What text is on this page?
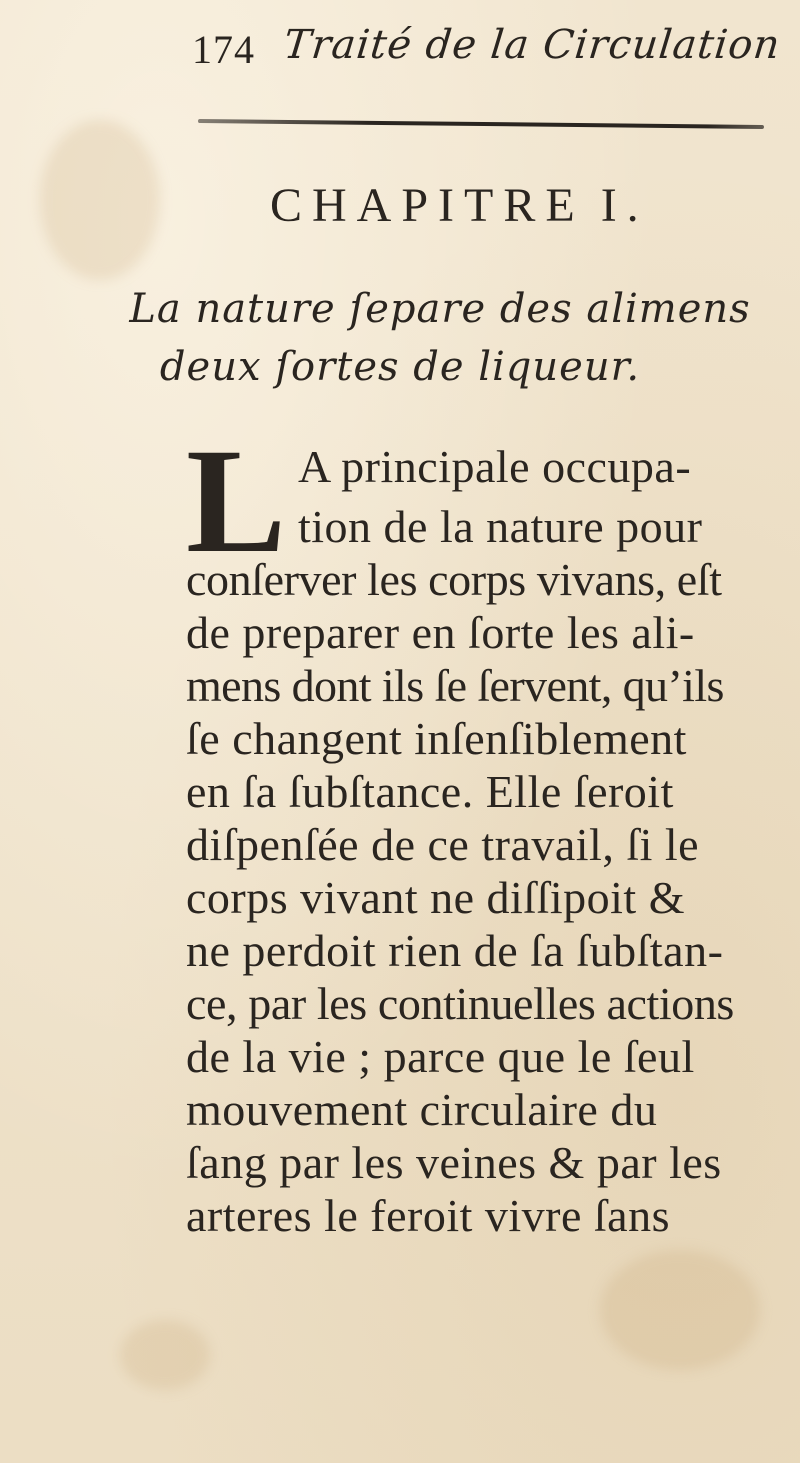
174 Traité de la Circulation
CHAPITRE I.
La nature ſepare des alimens
deux ſortes de liqueur.
L A principale occupa-
tion de la nature pour
conſerver les corps vivans, eſt
de preparer en ſorte les ali-
mens dont ils ſe ſervent, qu’ils
ſe changent inſenſiblement
en ſa ſubſtance. Elle ſeroit
diſpenſée de ce travail, ſi le
corps vivant ne diſſipoit &
ne perdoit rien de ſa ſubſtan-
ce, par les continuelles actions
de la vie ; parce que le ſeul
mouvement circulaire du
ſang par les veines & par les
arteres le feroit vivre ſans
